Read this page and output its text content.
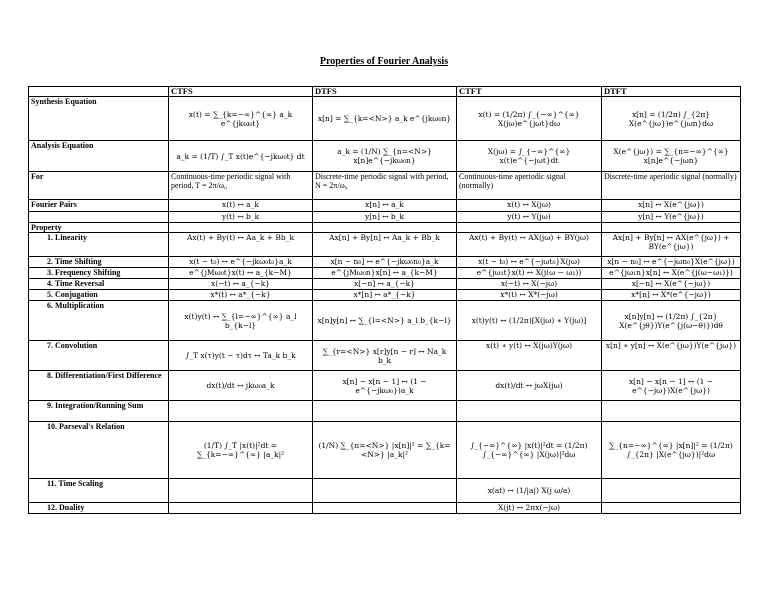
Properties of Fourier Analysis
	CTFS	DTFS	CTFT	DTFT
Synthesis Equation	x(t) = ∑_{k=−∞}^{∞} a_k e^{jkω₀t}	x[n] = ∑_{k=<N>} a_k e^{jkω₀n}	x(t) = (1/2π) ∫_{−∞}^{∞} X(jω)e^{jωt}dω	x[n] = (1/2π) ∫_{2π} X(e^{jω})e^{jωn}dω
Analysis Equation	a_k = (1/T) ∫_T x(t)e^{−jkω₀t} dt	a_k = (1/N) ∑_{n=<N>} x[n]e^{−jkω₀n}	X(jω) = ∫_{−∞}^{∞} x(t)e^{−jωt}dt	X(e^{jω}) = ∑_{n=−∞}^{∞} x[n]e^{−jωn}
For	Continuous-time periodic signal with period, T = 2π/ω₀	Discrete-time periodic signal with period, N = 2π/ω₀	Continuous-time aperiodic signal (normally)	Discrete-time aperiodic signal (normally)
Fourier Pairs	x(t) ↔ a_k	x[n] ↔ a_k	x(t) ↔ X(jω)	x[n] ↔ X(e^{jω})
	y(t) ↔ b_k	y[n] ↔ b_k	y(t) ↔ Y(jω)	y[n] ↔ Y(e^{jω})
Property				
1. Linearity	Ax(t) + By(t) ↔ Aa_k + Bb_k	Ax[n] + By[n] ↔ Aa_k + Bb_k	Ax(t) + By(t) ↔ AX(jω) + BY(jω)	Ax[n] + By[n] ↔ AX(e^{jω}) + BY(e^{jω})
2. Time Shifting	x(t − t₀) ↔ e^{−jkω₀t₀}a_k	x[n − n₀] ↔ e^{−jkω₀n₀}a_k	x(t − t₀) ↔ e^{−jωt₀}X(jω)	x[n − n₀] ↔ e^{−jωn₀}X(e^{jω})
3. Frequency Shifting	e^{jMω₀t}x(t) ↔ a_{k−M}	e^{jMω₀n}x[n] ↔ a_{k−M}	e^{jω₁t}x(t) ↔ X(j(ω − ω₁))	e^{jω₁n}x[n] ↔ X(e^{j(ω−ω₁)})
4. Time Reversal	x(−t) ↔ a_{−k}	x[−n] ↔ a_{−k}	x(−t) ↔ X(−jω)	x[−n] ↔ X(e^{−jω})
5. Conjugation	x*(t) ↔ a*_{−k}	x*[n] ↔ a*_{−k}	x*(t) ↔ X*(−jω)	x*[n] ↔ X*(e^{−jω})
6. Multiplication	x(t)y(t) ↔ ∑_{l=−∞}^{∞} a_l b_{k−l}	x[n]y[n] ↔ ∑_{l=<N>} a_l b_{k−l}	x(t)y(t) ↔ (1/2π)[X(jω) ∗ Y(jω)]	x[n]y[n] ↔ (1/2π) ∫_{2π} X(e^{jθ})Y(e^{j(ω−θ)})dθ
7. Convolution	∫_T x(τ)y(t − τ)dτ ↔ Ta_k b_k	∑_{r=<N>} x[r]y[n − r] ↔ Na_k b_k	x(t) ∗ y(t) ↔ X(jω)Y(jω)	x[n] ∗ y[n] ↔ X(e^{jω})Y(e^{jω})
8. Differentiation/First Difference	dx(t)/dt ↔ jkω₀a_k	x[n] − x[n − 1] ↔ (1 − e^{−jkω₀})a_k	dx(t)/dt ↔ jωX(jω)	x[n] − x[n − 1] ↔ (1 − e^{−jω})X(e^{jω})
9. Integration/Running Sum				
10. Parseval's Relation	(1/T) ∫_T |x(t)|²dt = ∑_{k=−∞}^{∞} |a_k|²	(1/N) ∑_{n=<N>} |x[n]|² = ∑_{k=<N>} |a_k|²	∫_{−∞}^{∞} |x(t)|²dt = (1/2π) ∫_{−∞}^{∞} |X(jω)|²dω	∑_{n=−∞}^{∞} |x[n]|² = (1/2π) ∫_{2π} |X(e^{jω})|²dω
11. Time Scaling			x(at) ↔ (1/|a|) X(j ω/a)	
12. Duality			X(jt) ↔ 2πx(−jω)	
